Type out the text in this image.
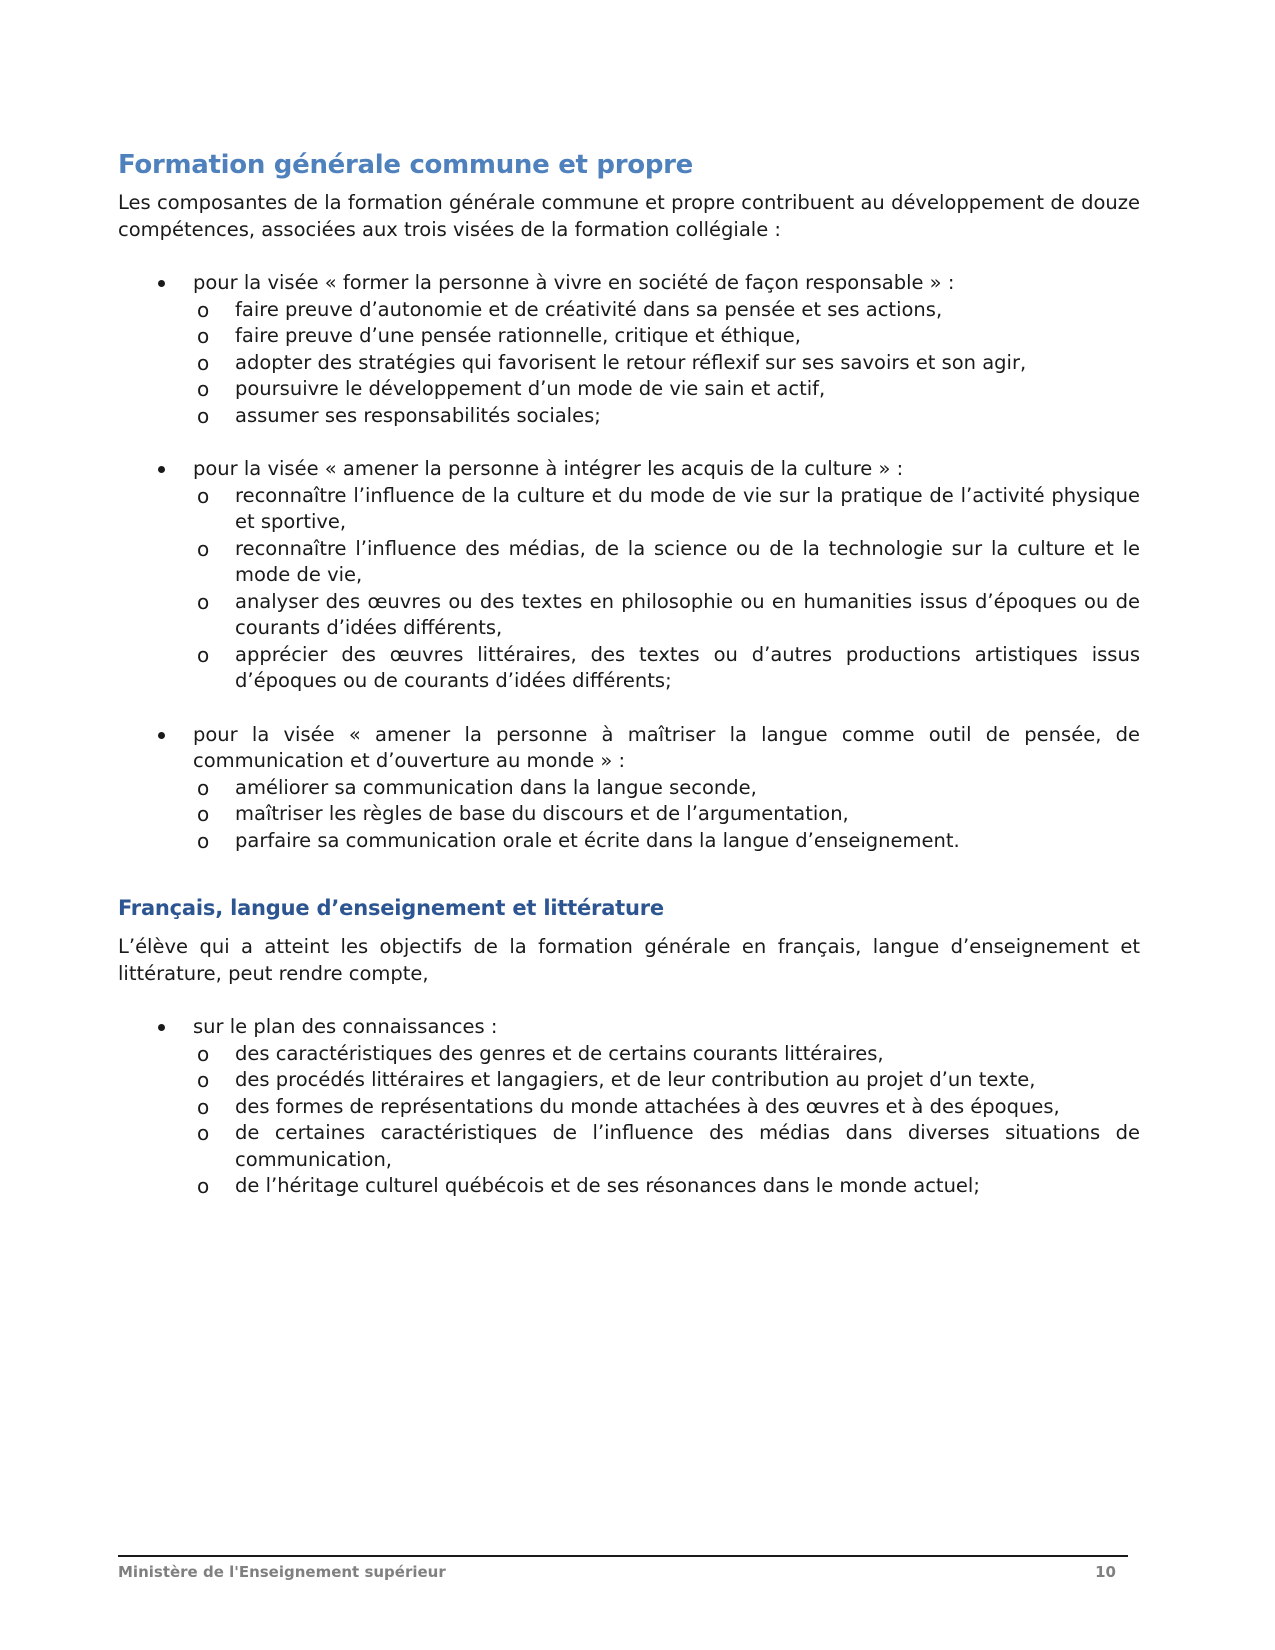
Formation générale commune et propre

Les composantes de la formation générale commune et propre contribuent au développement de douze compétences, associées aux trois visées de la formation collégiale :

pour la visée « former la personne à vivre en société de façon responsable » :
o faire preuve d’autonomie et de créativité dans sa pensée et ses actions,
o faire preuve d’une pensée rationnelle, critique et éthique,
o adopter des stratégies qui favorisent le retour réflexif sur ses savoirs et son agir,
o poursuivre le développement d’un mode de vie sain et actif,
o assumer ses responsabilités sociales;
pour la visée « amener la personne à intégrer les acquis de la culture » :
o reconnaître l’influence de la culture et du mode de vie sur la pratique de l’activité physique et sportive,
o reconnaître l’influence des médias, de la science ou de la technologie sur la culture et le mode de vie,
o analyser des œuvres ou des textes en philosophie ou en humanities issus d’époques ou de courants d’idées différents,
o apprécier des œuvres littéraires, des textes ou d’autres productions artistiques issus d’époques ou de courants d’idées différents;
pour la visée « amener la personne à maîtriser la langue comme outil de pensée, de communication et d’ouverture au monde » :
o améliorer sa communication dans la langue seconde,
o maîtriser les règles de base du discours et de l’argumentation,
o parfaire sa communication orale et écrite dans la langue d’enseignement.
Français, langue d’enseignement et littérature

L’élève qui a atteint les objectifs de la formation générale en français, langue d’enseignement et littérature, peut rendre compte,

sur le plan des connaissances :
o des caractéristiques des genres et de certains courants littéraires,
o des procédés littéraires et langagiers, et de leur contribution au projet d’un texte,
o des formes de représentations du monde attachées à des œuvres et à des époques,
o de certaines caractéristiques de l’influence des médias dans diverses situations de communication,
o de l’héritage culturel québécois et de ses résonances dans le monde actuel;
Ministère de l'Enseignement supérieur	10
